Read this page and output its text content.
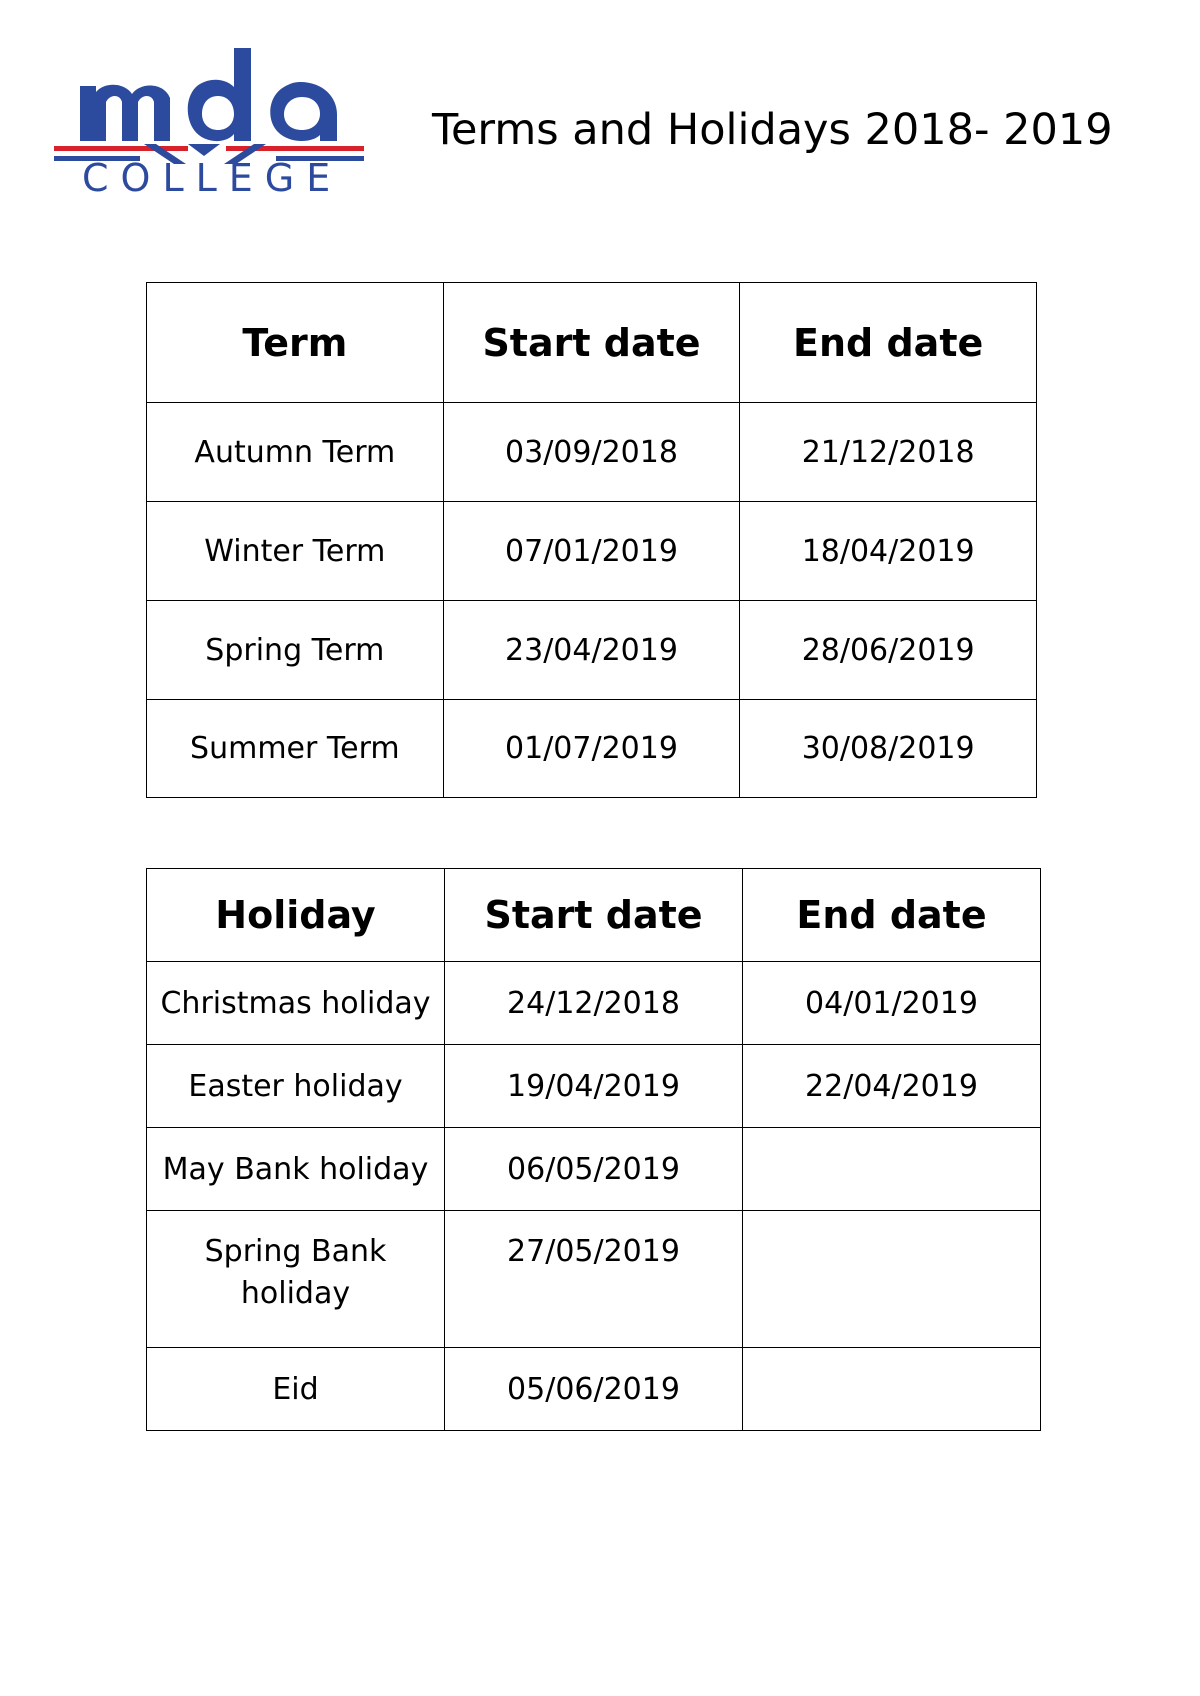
COLLEGE
Terms and Holidays 2018- 2019
Term	Start date	End date
Autumn Term	03/09/2018	21/12/2018
Winter Term	07/01/2019	18/04/2019
Spring Term	23/04/2019	28/06/2019
Summer Term	01/07/2019	30/08/2019
Holiday	Start date	End date
Christmas holiday	24/12/2018	04/01/2019
Easter holiday	19/04/2019	22/04/2019
May Bank holiday	06/05/2019	
Spring Bank holiday	27/05/2019	
Eid	05/06/2019	
